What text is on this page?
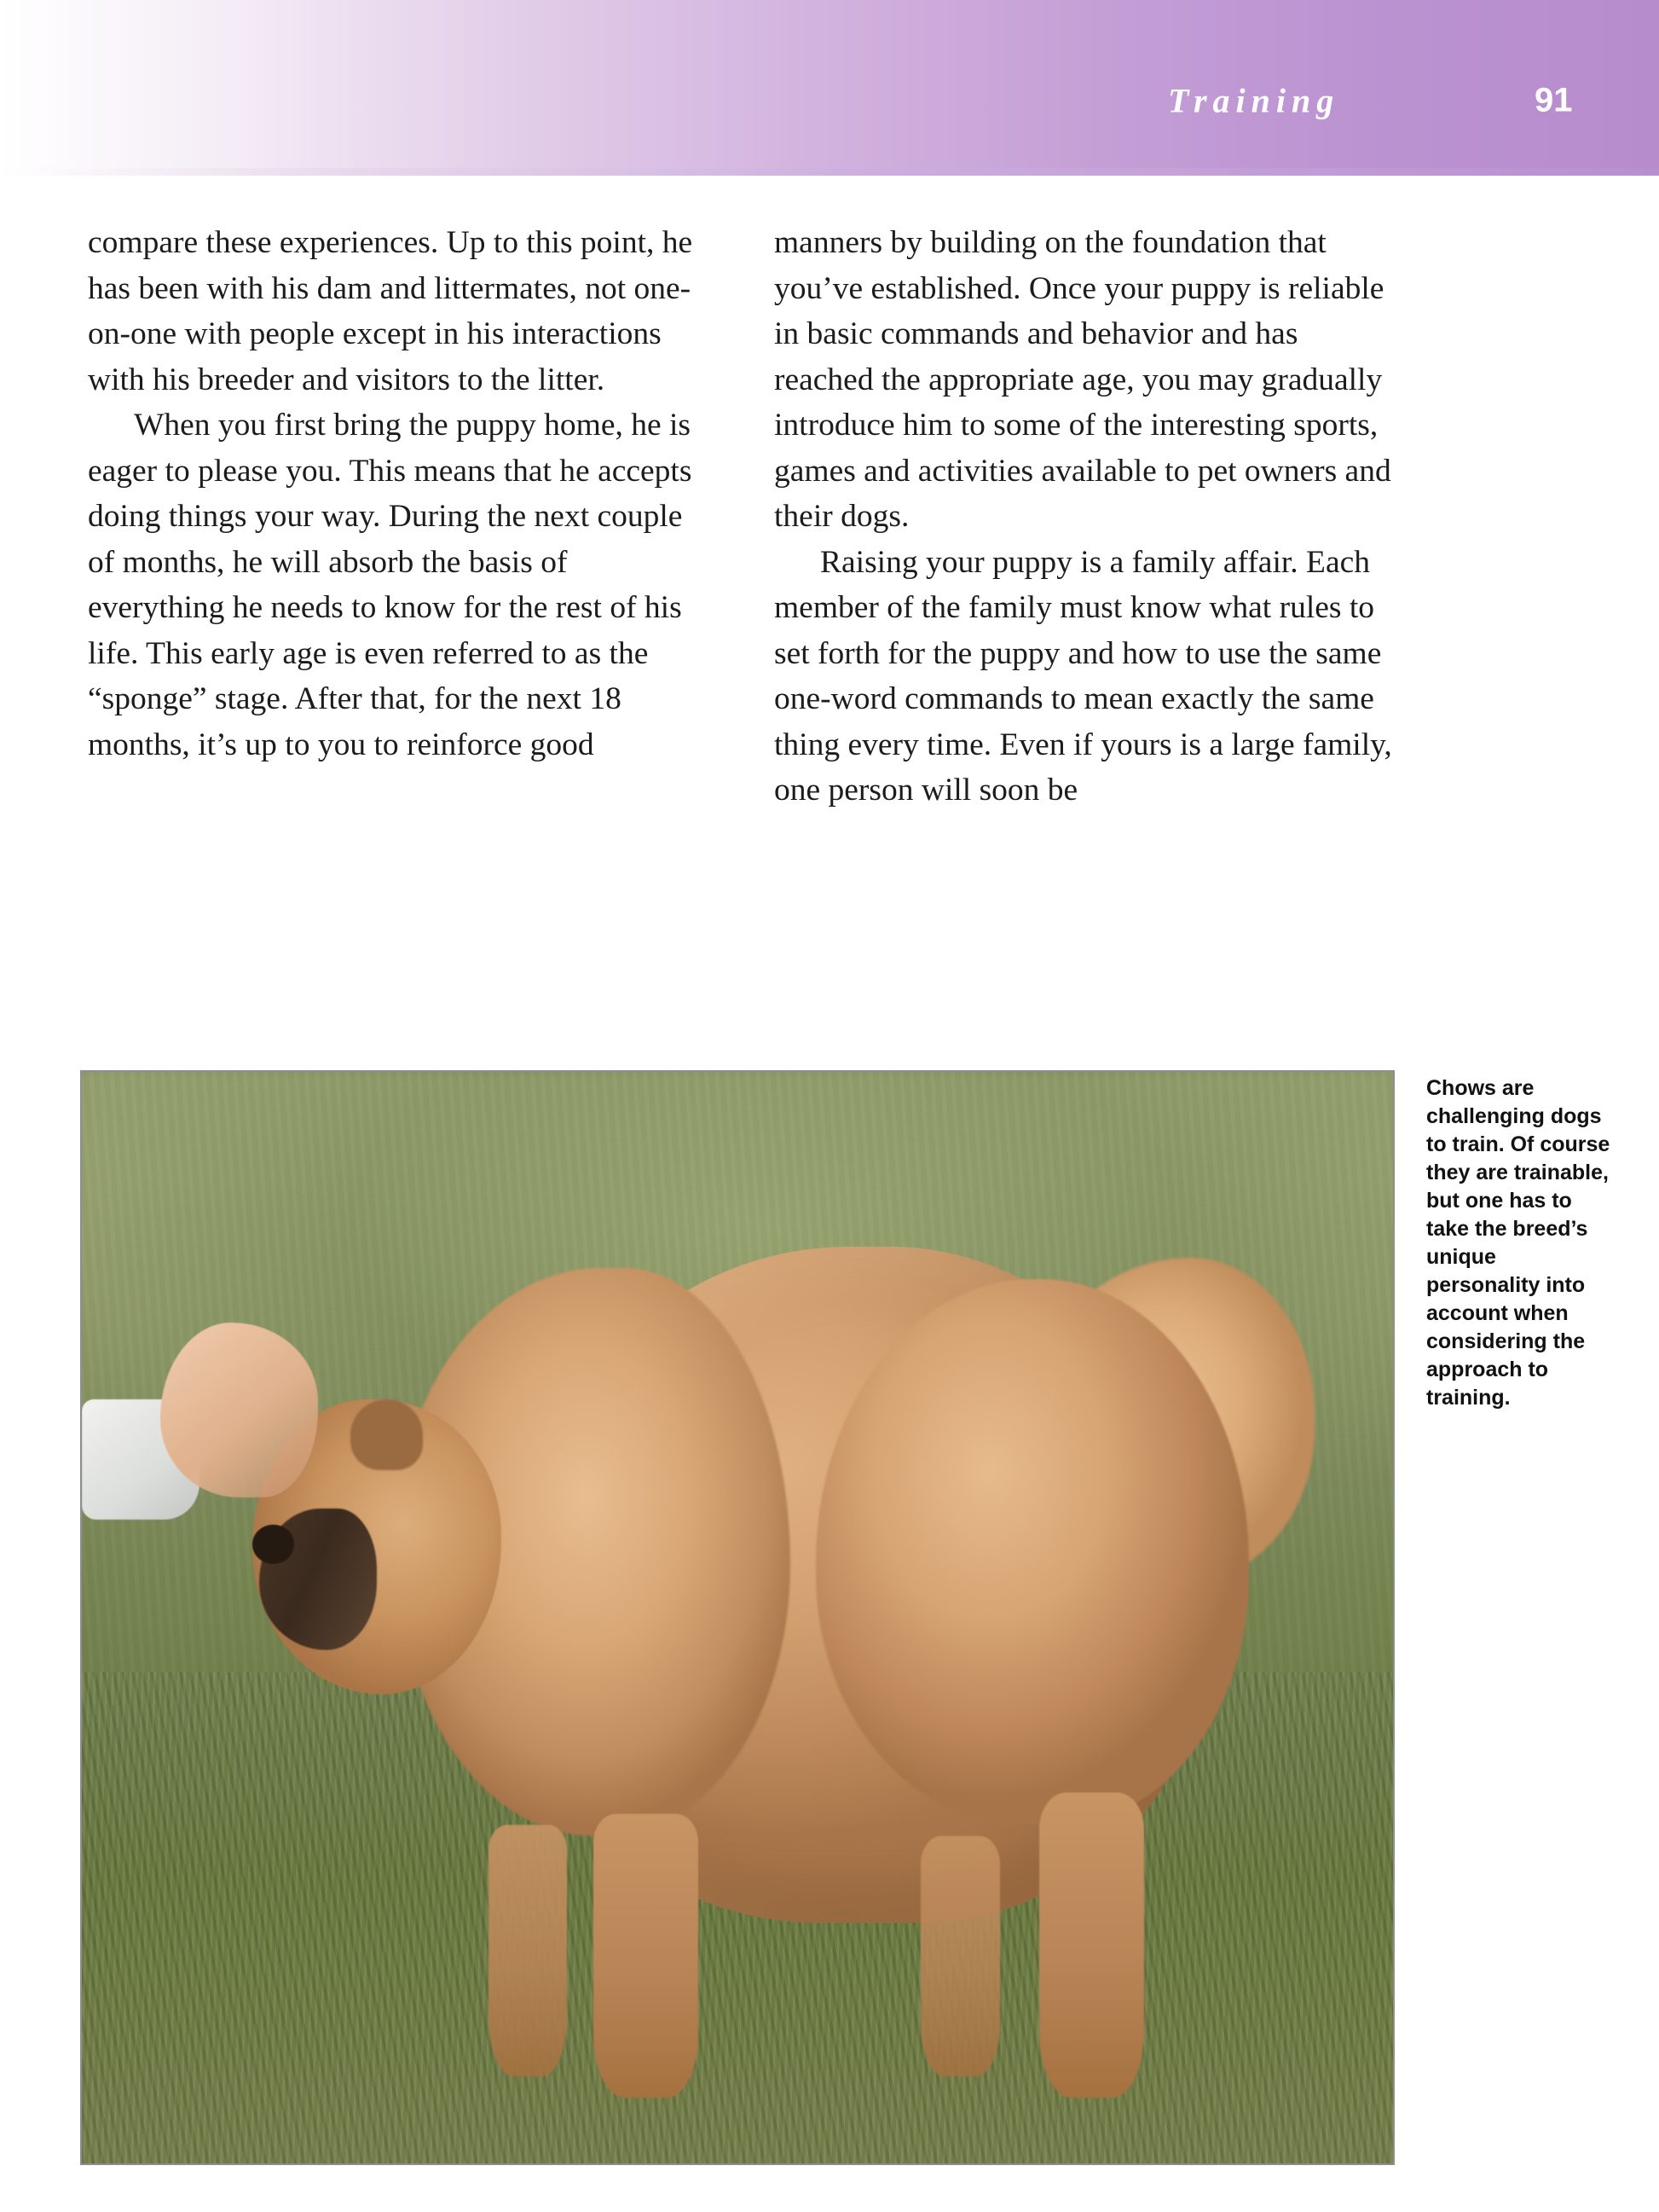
Training	91

compare these experiences. Up to this point, he has been with his dam and littermates, not one-on-one with people except in his interactions with his breeder and visitors to the litter.

When you first bring the puppy home, he is eager to please you. This means that he accepts doing things your way. During the next couple of months, he will absorb the basis of everything he needs to know for the rest of his life. This early age is even referred to as the “sponge” stage. After that, for the next 18 months, it’s up to you to reinforce good

manners by building on the foundation that you’ve established. Once your puppy is reliable in basic commands and behavior and has reached the appropriate age, you may gradually introduce him to some of the interesting sports, games and activities available to pet owners and their dogs.

Raising your puppy is a family affair. Each member of the family must know what rules to set forth for the puppy and how to use the same one-word commands to mean exactly the same thing every time. Even if yours is a large family, one person will soon be

Chows are challenging dogs to train. Of course they are trainable, but one has to take the breed’s unique personality into account when considering the approach to training.
